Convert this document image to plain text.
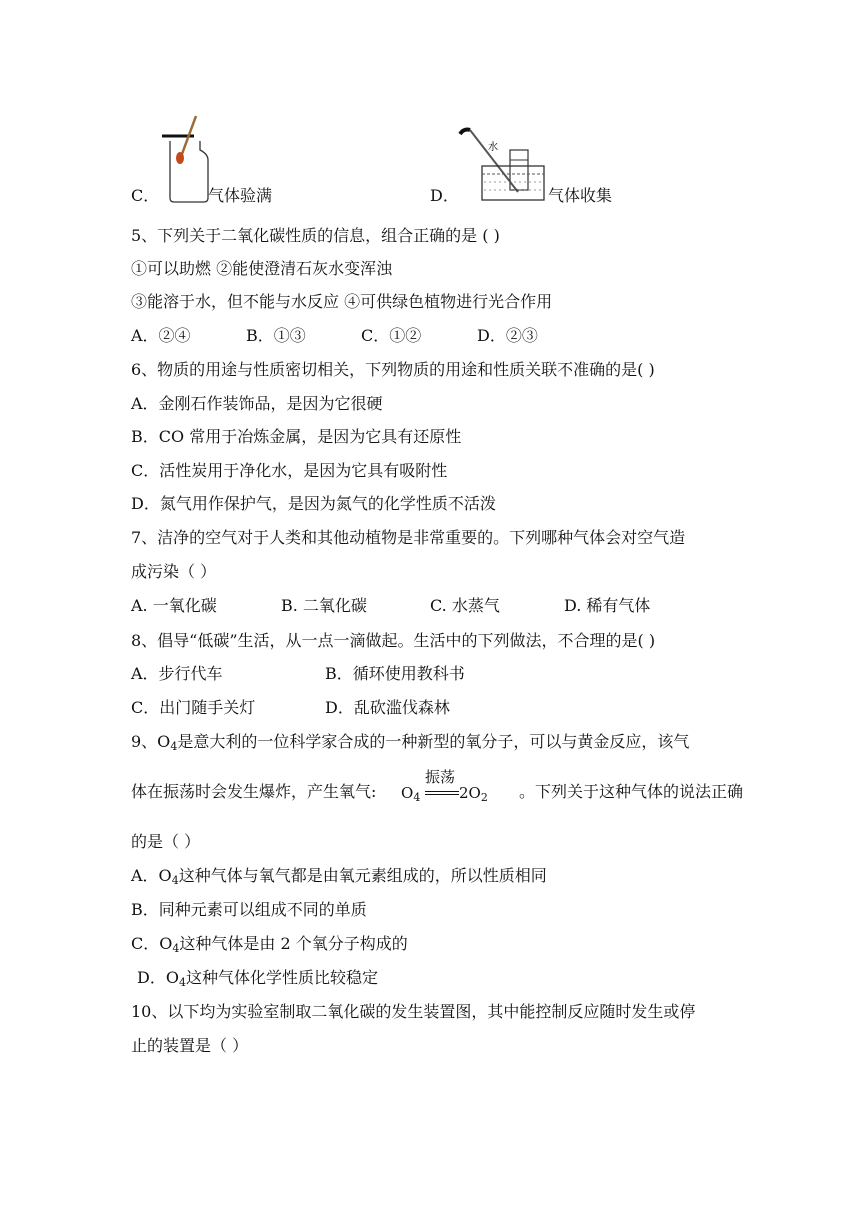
C．	气体验满	D．
水
气体收集
5、下列关于二氧化碳性质的信息，组合正确的是 ( )
①可以助燃 ②能使澄清石灰水变浑浊
③能溶于水，但不能与水反应 ④可供绿色植物进行光合作用
A．②④	B．①③	C．①②	D．②③
6、物质的用途与性质密切相关，下列物质的用途和性质关联不准确的是( )
A．金刚石作装饰品，是因为它很硬
B．CO 常用于冶炼金属，是因为它具有还原性
C．活性炭用于净化水，是因为它具有吸附性
D．氮气用作保护气，是因为氮气的化学性质不活泼
7、洁净的空气对于人类和其他动植物是非常重要的。下列哪种气体会对空气造
成污染（ ）
A. 一氧化碳	B. 二氧化碳	C. 水蒸气	D. 稀有气体
8、倡导“低碳”生活，从一点一滴做起。生活中的下列做法，不合理的是( )
A．步行代车	B．循环使用教科书
C．出门随手关灯	D．乱砍滥伐森林
9、$O_4$是意大利的一位科学家合成的一种新型的氧分子，可以与黄金反应，该气
体在振荡时会发生爆炸，产生氧气:
振荡
$O_4$	$2O_2$ 。下列关于这种气体的说法正确
的是（ ）
A．$O_4$这种气体与氧气都是由氧元素组成的，所以性质相同
B．同种元素可以组成不同的单质
C．$O_4$这种气体是由 2 个氧分子构成的
D．$O_4$这种气体化学性质比较稳定
10、以下均为实验室制取二氧化碳的发生装置图，其中能控制反应随时发生或停
止的装置是（ ）
